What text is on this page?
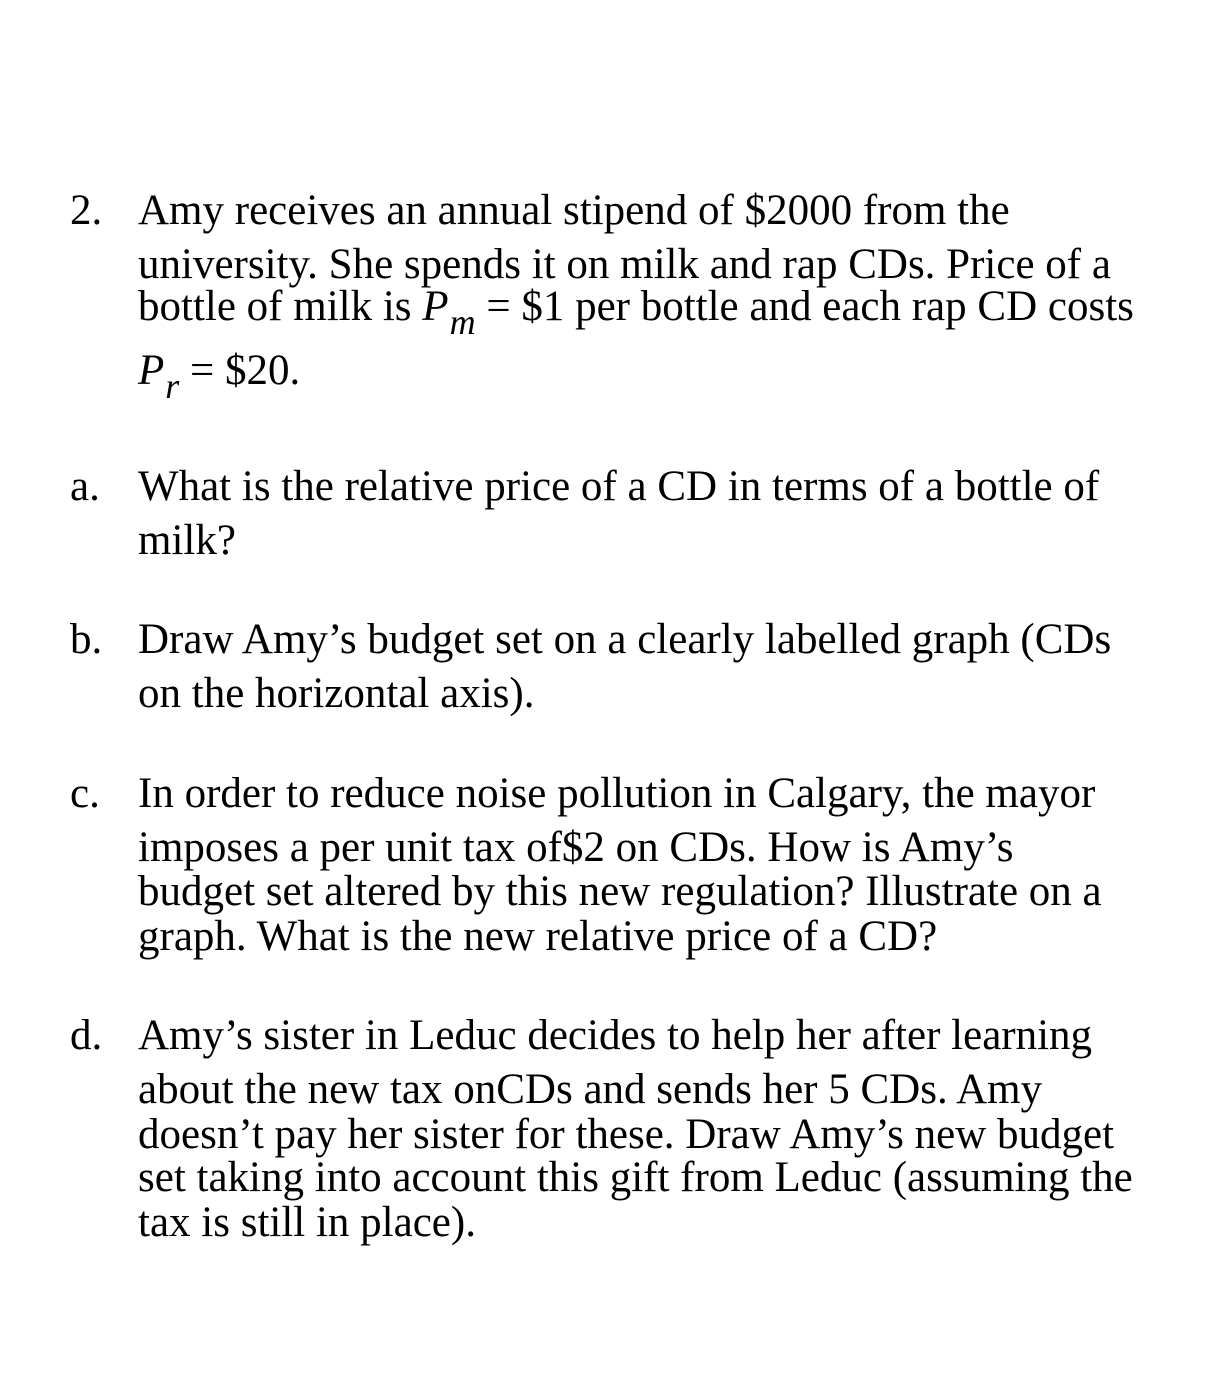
2. Amy receives an annual stipend of $2000 from the
university. She spends it on milk and rap CDs. Price of a
bottle of milk is $P_m$ = $1 per bottle and each rap CD costs
$P_r$ = $20.
a. What is the relative price of a CD in terms of a bottle of
milk?
b. Draw Amy’s budget set on a clearly labelled graph (CDs
on the horizontal axis).
c. In order to reduce noise pollution in Calgary, the mayor
imposes a per unit tax of$2 on CDs. How is Amy’s
budget set altered by this new regulation? Illustrate on a
graph. What is the new relative price of a CD?
d. Amy’s sister in Leduc decides to help her after learning
about the new tax onCDs and sends her 5 CDs. Amy
doesn’t pay her sister for these. Draw Amy’s new budget
set taking into account this gift from Leduc (assuming the
tax is still in place).
